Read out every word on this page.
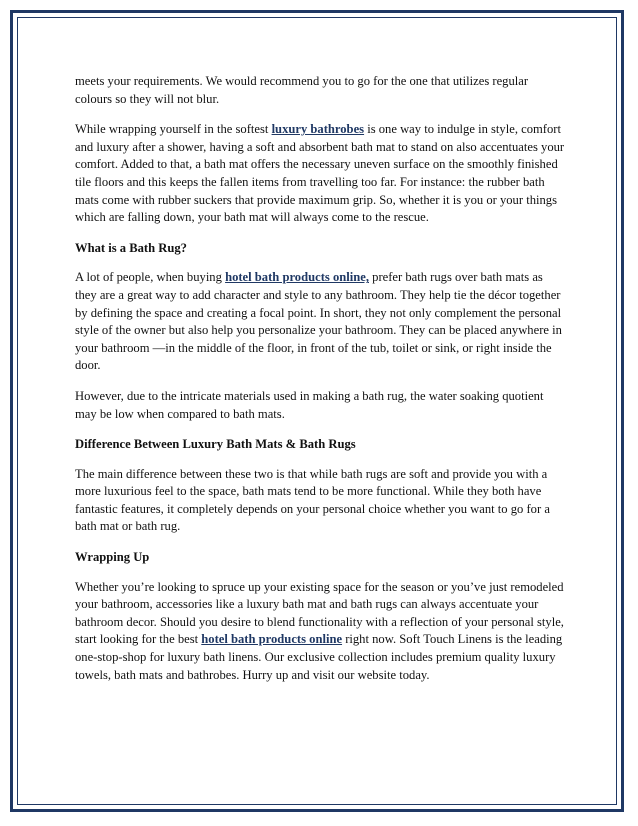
meets your requirements. We would recommend you to go for the one that utilizes regular colours so they will not blur.

While wrapping yourself in the softest luxury bathrobes is one way to indulge in style, comfort and luxury after a shower, having a soft and absorbent bath mat to stand on also accentuates your comfort. Added to that, a bath mat offers the necessary uneven surface on the smoothly finished tile floors and this keeps the fallen items from travelling too far. For instance: the rubber bath mats come with rubber suckers that provide maximum grip. So, whether it is you or your things which are falling down, your bath mat will always come to the rescue.

What is a Bath Rug?

A lot of people, when buying hotel bath products online, prefer bath rugs over bath mats as they are a great way to add character and style to any bathroom. They help tie the décor together by defining the space and creating a focal point. In short, they not only complement the personal style of the owner but also help you personalize your bathroom. They can be placed anywhere in your bathroom —in the middle of the floor, in front of the tub, toilet or sink, or right inside the door.

However, due to the intricate materials used in making a bath rug, the water soaking quotient may be low when compared to bath mats.

Difference Between Luxury Bath Mats & Bath Rugs

The main difference between these two is that while bath rugs are soft and provide you with a more luxurious feel to the space, bath mats tend to be more functional. While they both have fantastic features, it completely depends on your personal choice whether you want to go for a bath mat or bath rug.

Wrapping Up

Whether you’re looking to spruce up your existing space for the season or you’ve just remodeled your bathroom, accessories like a luxury bath mat and bath rugs can always accentuate your bathroom decor. Should you desire to blend functionality with a reflection of your personal style, start looking for the best hotel bath products online right now. Soft Touch Linens is the leading one-stop-shop for luxury bath linens. Our exclusive collection includes premium quality luxury towels, bath mats and bathrobes. Hurry up and visit our website today.
